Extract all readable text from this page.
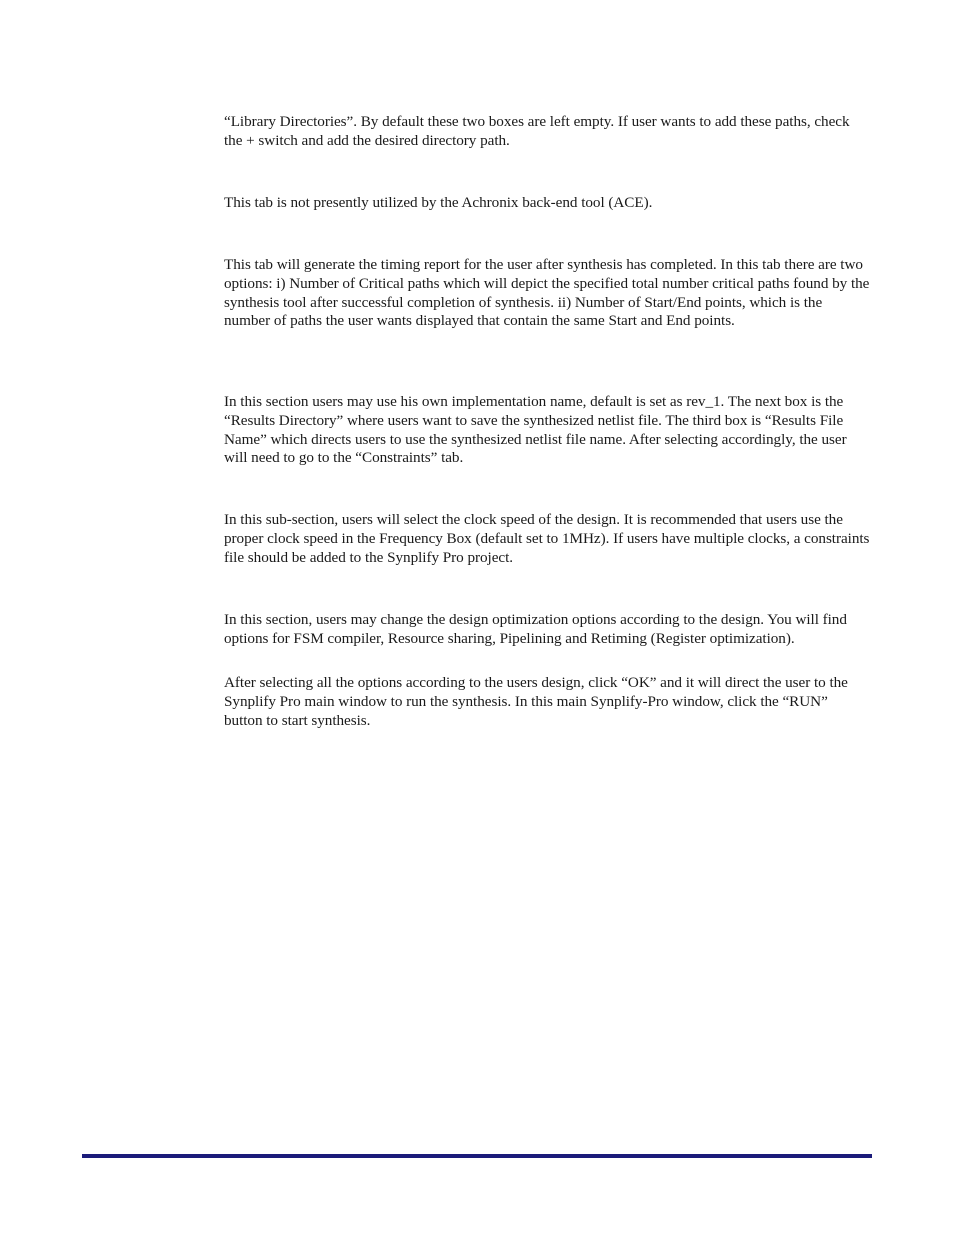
“Library Directories”. By default these two boxes are left empty. If user wants to add these paths, check the + switch and add the desired directory path.

This tab is not presently utilized by the Achronix back-end tool (ACE).

This tab will generate the timing report for the user after synthesis has completed. In this tab there are two options: i) Number of Critical paths which will depict the specified total number critical paths found by the synthesis tool after successful completion of synthesis. ii) Number of Start/End points, which is the number of paths the user wants displayed that contain the same Start and End points.

In this section users may use his own implementation name, default is set as rev_1. The next box is the “Results Directory” where users want to save the synthesized netlist file. The third box is “Results File Name” which directs users to use the synthesized netlist file name. After selecting accordingly, the user will need to go to the “Constraints” tab.

In this sub-section, users will select the clock speed of the design. It is recommended that users use the proper clock speed in the Frequency Box (default set to 1MHz). If users have multiple clocks, a constraints file should be added to the Synplify Pro project.

In this section, users may change the design optimization options according to the design. You will find options for FSM compiler, Resource sharing, Pipelining and Retiming (Register optimization).

After selecting all the options according to the users design, click “OK” and it will direct the user to the Synplify Pro main window to run the synthesis. In this main Synplify-Pro window, click the “RUN” button to start synthesis.
